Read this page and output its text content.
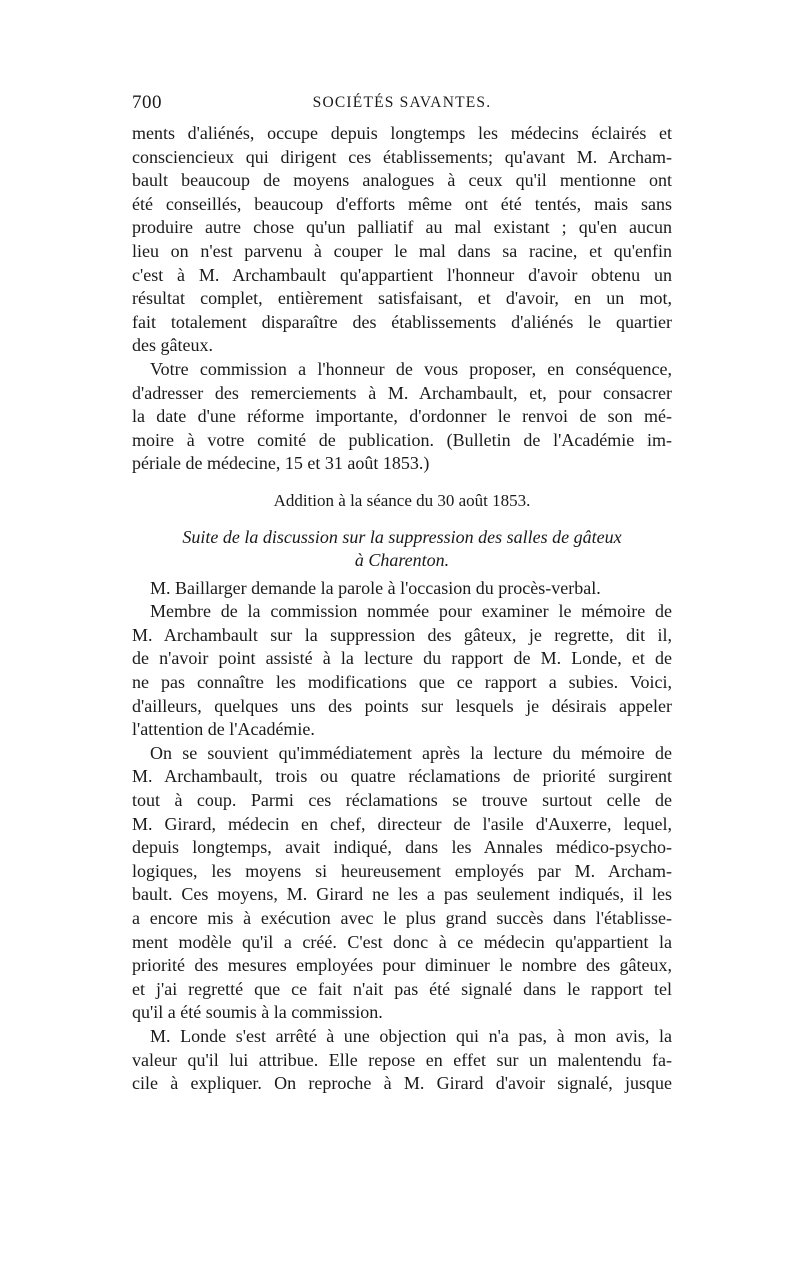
700	SOCIÉTÉS SAVANTES.
ments d'aliénés, occupe depuis longtemps les médecins éclairés et
consciencieux qui dirigent ces établissements; qu'avant M. Archam-
bault beaucoup de moyens analogues à ceux qu'il mentionne ont
été conseillés, beaucoup d'efforts même ont été tentés, mais sans
produire autre chose qu'un palliatif au mal existant ; qu'en aucun
lieu on n'est parvenu à couper le mal dans sa racine, et qu'enfin
c'est à M. Archambault qu'appartient l'honneur d'avoir obtenu un
résultat complet, entièrement satisfaisant, et d'avoir, en un mot,
fait totalement disparaître des établissements d'aliénés le quartier
des gâteux.
Votre commission a l'honneur de vous proposer, en conséquence,
d'adresser des remerciements à M. Archambault, et, pour consacrer
la date d'une réforme importante, d'ordonner le renvoi de son mé-
moire à votre comité de publication. (Bulletin de l'Académie im-
périale de médecine, 15 et 31 août 1853.)
Addition à la séance du 30 août 1853.
Suite de la discussion sur la suppression des salles de gâteux
à Charenton.
M. Baillarger demande la parole à l'occasion du procès-verbal.
Membre de la commission nommée pour examiner le mémoire de
M. Archambault sur la suppression des gâteux, je regrette, dit il,
de n'avoir point assisté à la lecture du rapport de M. Londe, et de
ne pas connaître les modifications que ce rapport a subies. Voici,
d'ailleurs, quelques uns des points sur lesquels je désirais appeler
l'attention de l'Académie.
On se souvient qu'immédiatement après la lecture du mémoire de
M. Archambault, trois ou quatre réclamations de priorité surgirent
tout à coup. Parmi ces réclamations se trouve surtout celle de
M. Girard, médecin en chef, directeur de l'asile d'Auxerre, lequel,
depuis longtemps, avait indiqué, dans les Annales médico-psycho-
logiques, les moyens si heureusement employés par M. Archam-
bault. Ces moyens, M. Girard ne les a pas seulement indiqués, il les
a encore mis à exécution avec le plus grand succès dans l'établisse-
ment modèle qu'il a créé. C'est donc à ce médecin qu'appartient la
priorité des mesures employées pour diminuer le nombre des gâteux,
et j'ai regretté que ce fait n'ait pas été signalé dans le rapport tel
qu'il a été soumis à la commission.
M. Londe s'est arrêté à une objection qui n'a pas, à mon avis, la
valeur qu'il lui attribue. Elle repose en effet sur un malentendu fa-
cile à expliquer. On reproche à M. Girard d'avoir signalé, jusque
